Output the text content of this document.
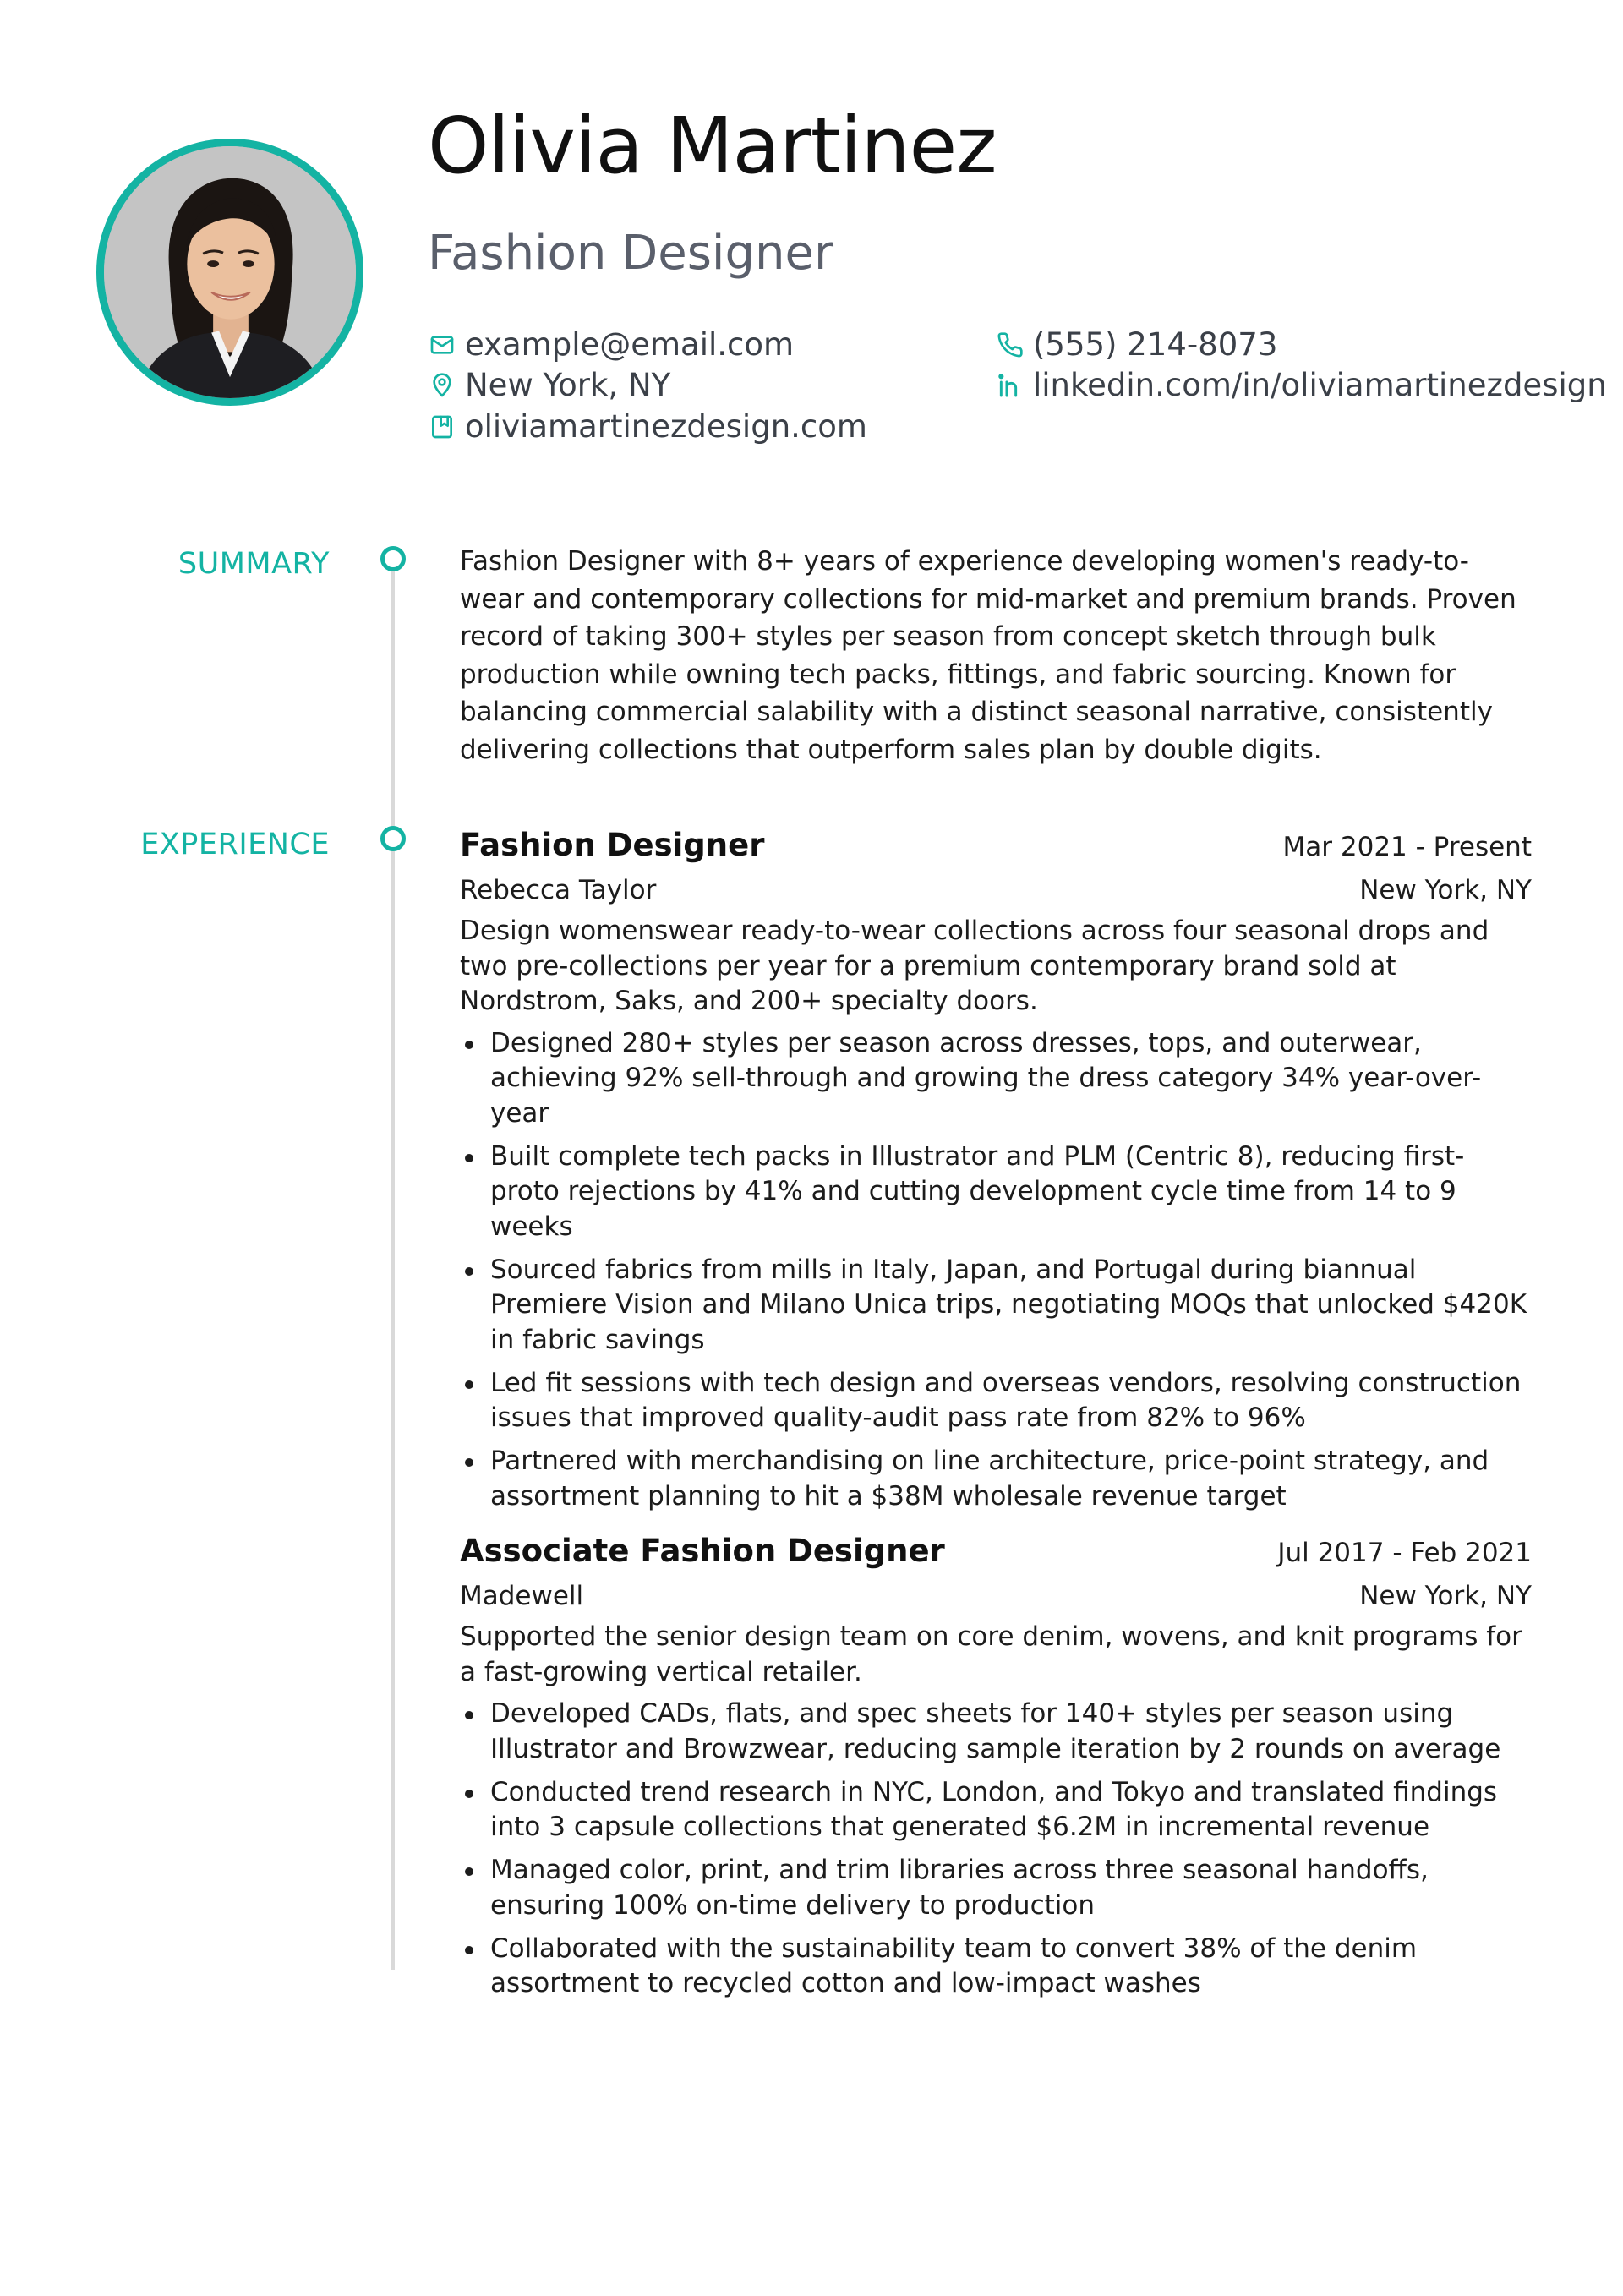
Olivia Martinez
Fashion Designer
example@email.com
New York, NY
oliviamartinezdesign.com
(555) 214-8073
linkedin.com/in/oliviamartinezdesign
SUMMARY
EXPERIENCE

Fashion Designer with 8+ years of experience developing women's ready-to-wear and contemporary collections for mid-market and premium brands. Proven record of taking 300+ styles per season from concept sketch through bulk production while owning tech packs, fittings, and fabric sourcing. Known for balancing commercial salability with a distinct seasonal narrative, consistently delivering collections that outperform sales plan by double digits.

Fashion Designer	Mar 2021 - Present
Rebecca Taylor	New York, NY

Design womenswear ready-to-wear collections across four seasonal drops and two pre-collections per year for a premium contemporary brand sold at Nordstrom, Saks, and 200+ specialty doors.

Designed 280+ styles per season across dresses, tops, and outerwear, achieving 92% sell-through and growing the dress category 34% year-over-year
Built complete tech packs in Illustrator and PLM (Centric 8), reducing first-proto rejections by 41% and cutting development cycle time from 14 to 9 weeks
Sourced fabrics from mills in Italy, Japan, and Portugal during biannual Premiere Vision and Milano Unica trips, negotiating MOQs that unlocked $420K in fabric savings
Led fit sessions with tech design and overseas vendors, resolving construction issues that improved quality-audit pass rate from 82% to 96%
Partnered with merchandising on line architecture, price-point strategy, and assortment planning to hit a $38M wholesale revenue target
Associate Fashion Designer	Jul 2017 - Feb 2021
Madewell	New York, NY

Supported the senior design team on core denim, wovens, and knit programs for a fast-growing vertical retailer.

Developed CADs, flats, and spec sheets for 140+ styles per season using Illustrator and Browzwear, reducing sample iteration by 2 rounds on average
Conducted trend research in NYC, London, and Tokyo and translated findings into 3 capsule collections that generated $6.2M in incremental revenue
Managed color, print, and trim libraries across three seasonal handoffs, ensuring 100% on-time delivery to production
Collaborated with the sustainability team to convert 38% of the denim assortment to recycled cotton and low-impact washes
